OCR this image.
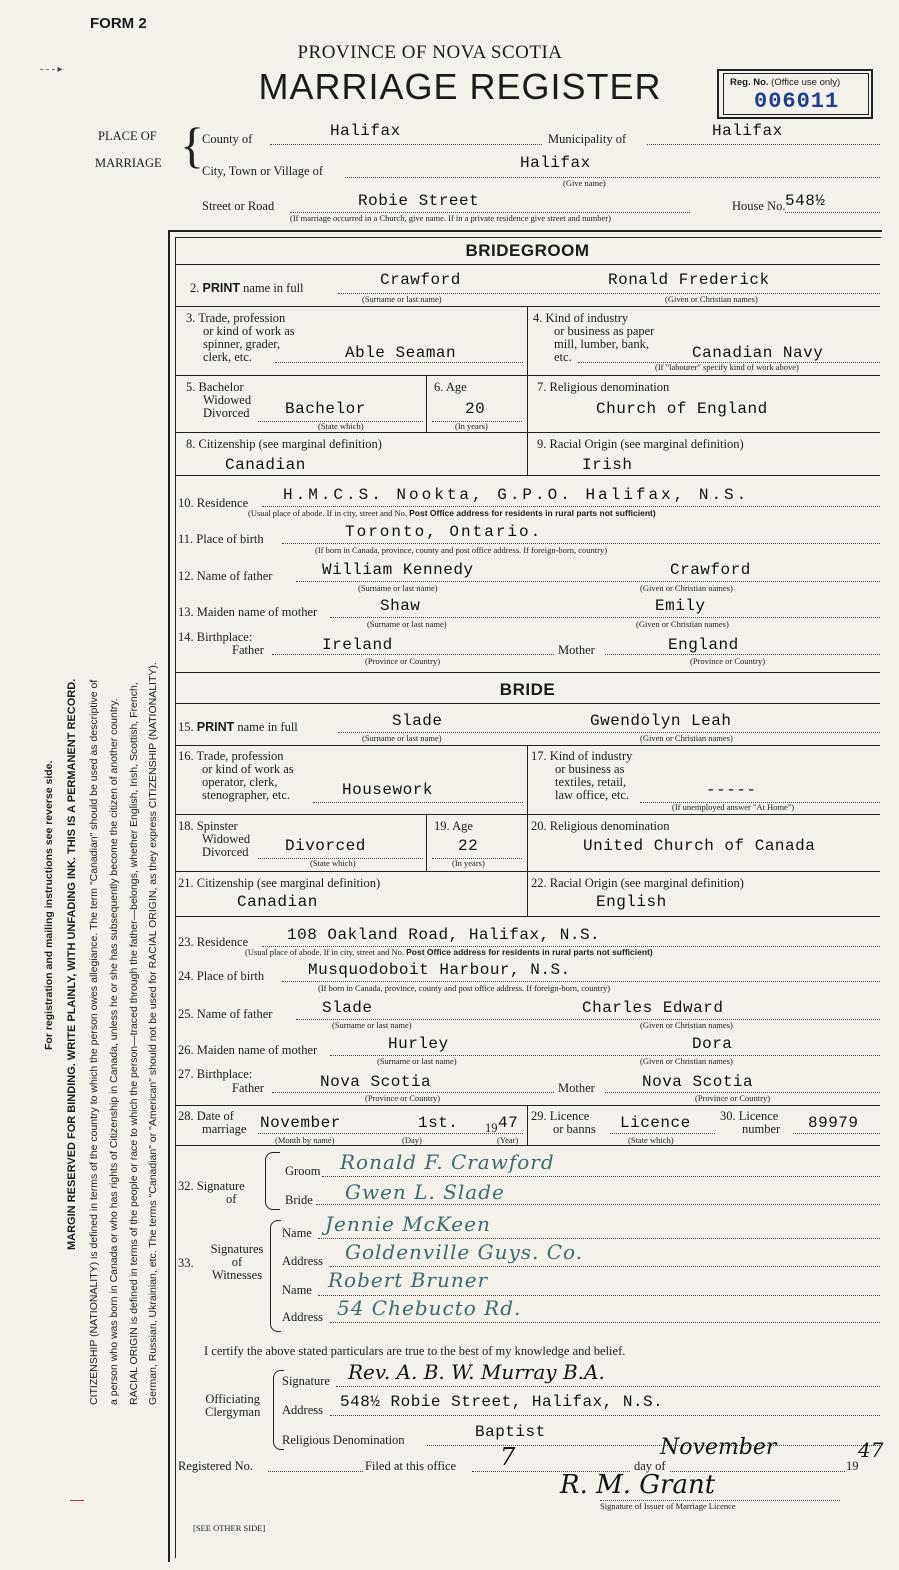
FORM 2
- - - ▸
PROVINCE OF NOVA SCOTIA
MARRIAGE REGISTER	Reg. No. (Office use only)
006011
PLACE OF
MARRIAGE {
County of	Halifax	Municipality of	Halifax
City, Town or Village of	Halifax
(Give name)
Street or Road	Robie Street	House No. 548½
(If marriage occurred in a Church, give name. If in a private residence give street and number)
For registration and mailing instructions see reverse side. MARGIN RESERVED FOR BINDING. WRITE PLAINLY, WITH UNFADING INK. THIS IS A PERMANENT RECORD. CITIZENSHIP (NATIONALITY) is defined in terms of the country to which the person owes allegiance. The term "Canadian" should be used as descriptive of a person who was born in Canada or who has rights of Citizenship in Canada, unless he or she has subsequently become the citizen of another country. RACIAL ORIGIN is defined in terms of the people or race to which the person—traced through the father—belongs, whether English, Irish, Scottish, French, German, Russian, Ukrainian, etc. The terms "Canadian" or "American" should not be used for RACIAL ORIGIN, as they express CITIZENSHIP (NATIONALITY).
BRIDEGROOM
2. PRINT name in full	Crawford	Ronald Frederick
(Surname or last name)	(Given or Christian names)
3. Trade, profession
or kind of work as
spinner, grader,
clerk, etc.	Able Seaman
4. Kind of industry
or business as paper
mill, lumber, bank,
etc.	Canadian Navy
(If "labourer" specify kind of work above)
5. Bachelor
Widowed
Divorced Bachelor
(State which)
6. Age
20
(In years)
7. Religious denomination
Church of England
8. Citizenship (see marginal definition)
Canadian
9. Racial Origin (see marginal definition)
Irish
10. Residence H.M.C.S. Nookta, G.P.O. Halifax, N.S.
(Usual place of abode. If in city, street and No. Post Office address for residents in rural parts not sufficient)
11. Place of birth	Toronto, Ontario.
(If born in Canada, province, county and post office address. If foreign-born, country)
12. Name of father	William Kennedy	Crawford
(Surname or last name)	(Given or Christian names)
13. Maiden name of mother	Shaw	Emily
(Surname or last name)	(Given or Christian names)
14. Birthplace:
Father	Ireland
(Province or Country)
Mother	England
(Province or Country)
BRIDE
15. PRINT name in full	Slade	Gwendolyn Leah
(Surname or last name)	(Given or Christian names)
16. Trade, profession
or kind of work as
operator, clerk,
stenographer, etc.	Housework
17. Kind of industry
or business as
textiles, retail,
law office, etc.	-----
(If unemployed answer "At Home")
18. Spinster
Widowed
Divorced Divorced
(State which)
19. Age
22
(In years)
20. Religious denomination
United Church of Canada
21. Citizenship (see marginal definition)
Canadian
22. Racial Origin (see marginal definition)
English
23. Residence 108 Oakland Road, Halifax, N.S.
(Usual place of abode. If in city, street and No. Post Office address for residents in rural parts not sufficient)
24. Place of birth	Musquodoboit Harbour, N.S.
(If born in Canada, province, county and post office address. If foreign-born, country)
25. Name of father	Slade	Charles Edward
(Surname or last name)	(Given or Christian names)
26. Maiden name of mother	Hurley	Dora
(Surname or last name)	(Given or Christian names)
27. Birthplace:
Father	Nova Scotia
(Province or Country)
Mother	Nova Scotia
(Province or Country)
28. Date of
marriage November	1st. 19 47
(Month by name)	(Day)	(Year)
29. Licence
or banns Licence
(State which)
30. Licence
number 89979
32. Signature
of
Groom Ronald F. Crawford
Bride Gwen L. Slade
33.
Signatures
of
Witnesses
Name Jennie McKeen
Address Goldenville Guys. Co.
Name Robert Bruner
Address 54 Chebucto Rd.
I certify the above stated particulars are true to the best of my knowledge and belief.
Officiating
Clergyman
Signature Rev. A. B. W. Murray B.A.
Address 548½ Robie Street, Halifax, N.S.
Religious Denomination	Baptist
Registered No.	Filed at this office 7	day of
November
19
47
R. M. Grant
Signature of Issuer of Marriage Licence
[SEE OTHER SIDE]
